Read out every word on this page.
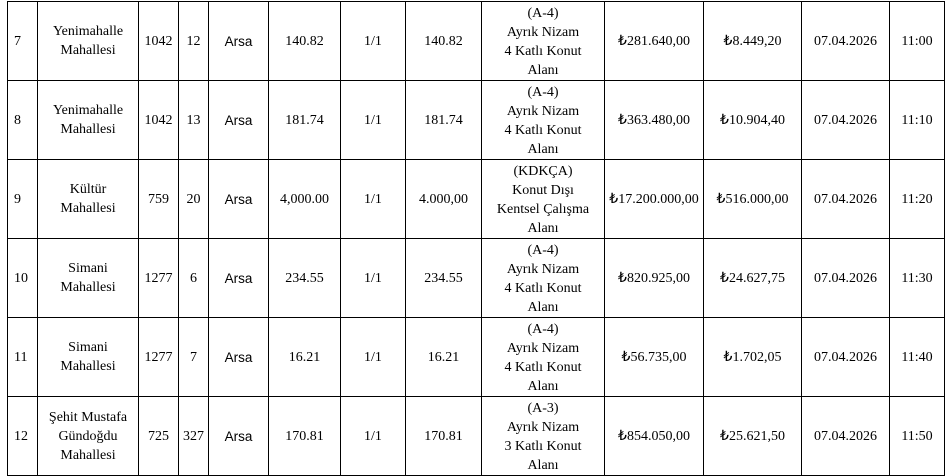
7	Yenimahalle
Mahallesi	1042	12	Arsa	140.82	1/1	140.82	(A-4)
Ayrık Nizam
4 Katlı Konut
Alanı	₺281.640,00	₺8.449,20	07.04.2026	11:00
8	Yenimahalle
Mahallesi	1042	13	Arsa	181.74	1/1	181.74	(A-4)
Ayrık Nizam
4 Katlı Konut
Alanı	₺363.480,00	₺10.904,40	07.04.2026	11:10
9	Kültür
Mahallesi	759	20	Arsa	4,000.00	1/1	4.000,00	(KDKÇA)
Konut Dışı
Kentsel Çalışma
Alanı	₺17.200.000,00	₺516.000,00	07.04.2026	11:20
10	Simani
Mahallesi	1277	6	Arsa	234.55	1/1	234.55	(A-4)
Ayrık Nizam
4 Katlı Konut
Alanı	₺820.925,00	₺24.627,75	07.04.2026	11:30
11	Simani
Mahallesi	1277	7	Arsa	16.21	1/1	16.21	(A-4)
Ayrık Nizam
4 Katlı Konut
Alanı	₺56.735,00	₺1.702,05	07.04.2026	11:40
12	Şehit Mustafa
Gündoğdu
Mahallesi	725	327	Arsa	170.81	1/1	170.81	(A-3)
Ayrık Nizam
3 Katlı Konut
Alanı	₺854.050,00	₺25.621,50	07.04.2026	11:50
